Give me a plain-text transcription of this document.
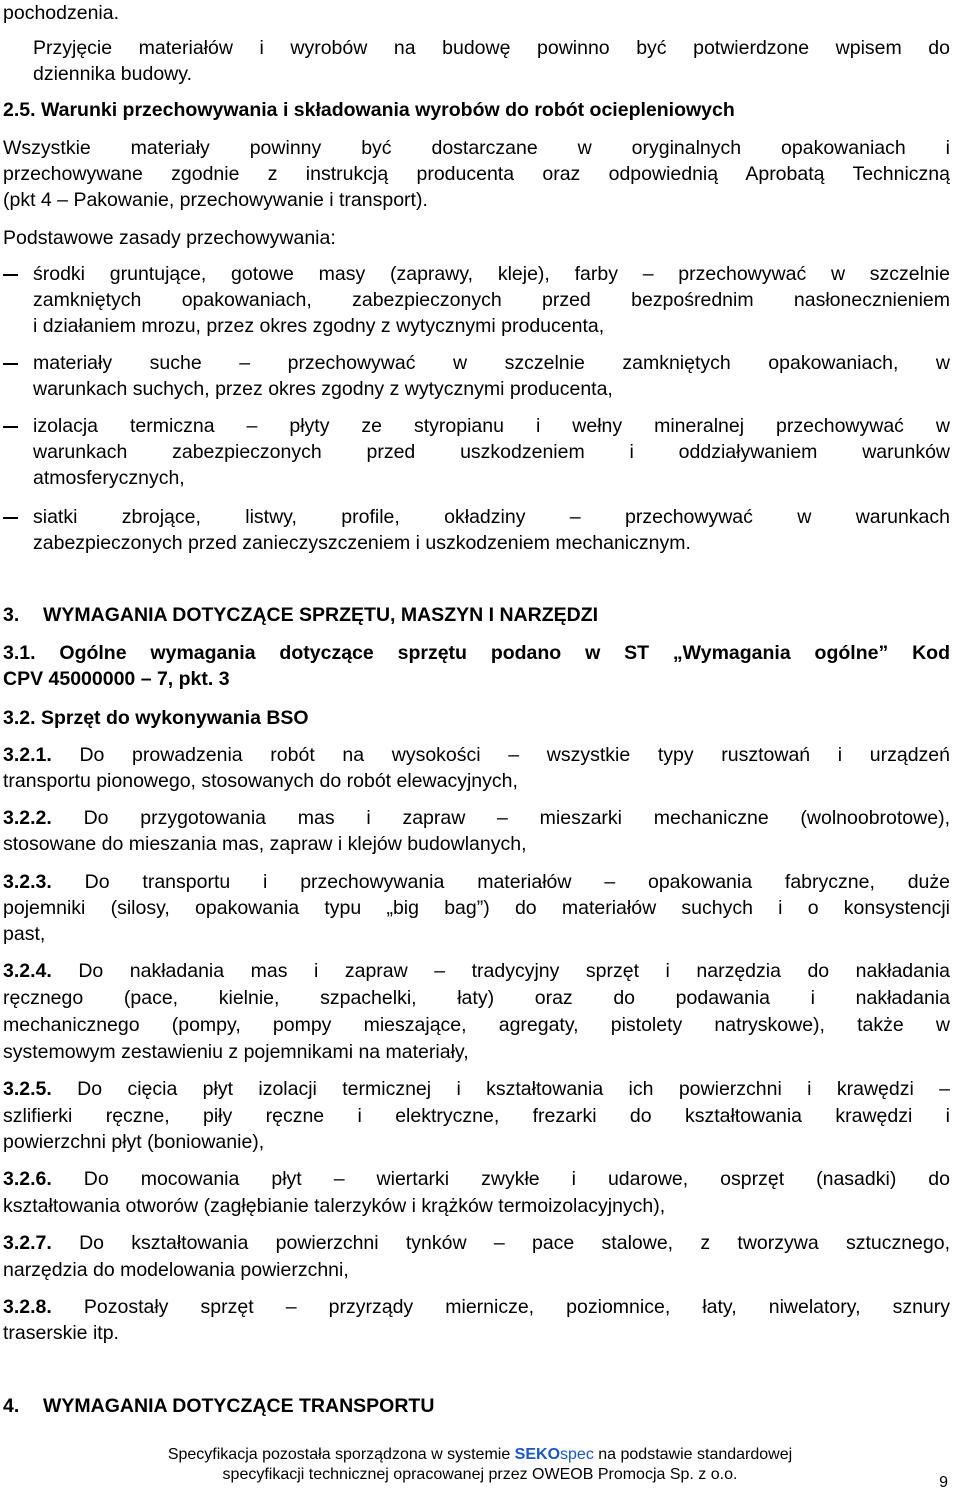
pochodzenia.
Przyjęcie materiałów i wyrobów na budowę powinno być potwierdzone wpisem do
dziennika budowy.
2.5. Warunki przechowywania i składowania wyrobów do robót ociepleniowych
Wszystkie materiały powinny być dostarczane w oryginalnych opakowaniach i
przechowywane zgodnie z instrukcją producenta oraz odpowiednią Aprobatą Techniczną
(pkt 4 – Pakowanie, przechowywanie i transport).
Podstawowe zasady przechowywania:
środki gruntujące, gotowe masy (zaprawy, kleje), farby – przechowywać w szczelnie
zamkniętych opakowaniach, zabezpieczonych przed bezpośrednim nasłonecznieniem
i działaniem mrozu, przez okres zgodny z wytycznymi producenta,
materiały suche – przechowywać w szczelnie zamkniętych opakowaniach, w
warunkach suchych, przez okres zgodny z wytycznymi producenta,
izolacja termiczna – płyty ze styropianu i wełny mineralnej przechowywać w
warunkach zabezpieczonych przed uszkodzeniem i oddziaływaniem warunków
atmosferycznych,
siatki zbrojące, listwy, profile, okładziny – przechowywać w warunkach
zabezpieczonych przed zanieczyszczeniem i uszkodzeniem mechanicznym.
3. WYMAGANIA DOTYCZĄCE SPRZĘTU, MASZYN I NARZĘDZI
3.1. Ogólne wymagania dotyczące sprzętu podano w ST „Wymagania ogólne” Kod
CPV 45000000 – 7, pkt. 3
3.2. Sprzęt do wykonywania BSO
3.2.1. Do prowadzenia robót na wysokości – wszystkie typy rusztowań i urządzeń
transportu pionowego, stosowanych do robót elewacyjnych,
3.2.2. Do przygotowania mas i zapraw – mieszarki mechaniczne (wolnoobrotowe),
stosowane do mieszania mas, zapraw i klejów budowlanych,
3.2.3. Do transportu i przechowywania materiałów – opakowania fabryczne, duże
pojemniki (silosy, opakowania typu „big bag”) do materiałów suchych i o konsystencji
past,
3.2.4. Do nakładania mas i zapraw – tradycyjny sprzęt i narzędzia do nakładania
ręcznego (pace, kielnie, szpachelki, łaty) oraz do podawania i nakładania
mechanicznego (pompy, pompy mieszające, agregaty, pistolety natryskowe), także w
systemowym zestawieniu z pojemnikami na materiały,
3.2.5. Do cięcia płyt izolacji termicznej i kształtowania ich powierzchni i krawędzi –
szlifierki ręczne, piły ręczne i elektryczne, frezarki do kształtowania krawędzi i
powierzchni płyt (boniowanie),
3.2.6. Do mocowania płyt – wiertarki zwykłe i udarowe, osprzęt (nasadki) do
kształtowania otworów (zagłębianie talerzyków i krążków termoizolacyjnych),
3.2.7. Do kształtowania powierzchni tynków – pace stalowe, z tworzywa sztucznego,
narzędzia do modelowania powierzchni,
3.2.8. Pozostały sprzęt – przyrządy miernicze, poziomnice, łaty, niwelatory, sznury
traserskie itp.
4. WYMAGANIA DOTYCZĄCE TRANSPORTU
Specyfikacja pozostała sporządzona w systemie SEKOspec na podstawie standardowej
specyfikacji technicznej opracowanej przez OWEOB Promocja Sp. z o.o.	9
